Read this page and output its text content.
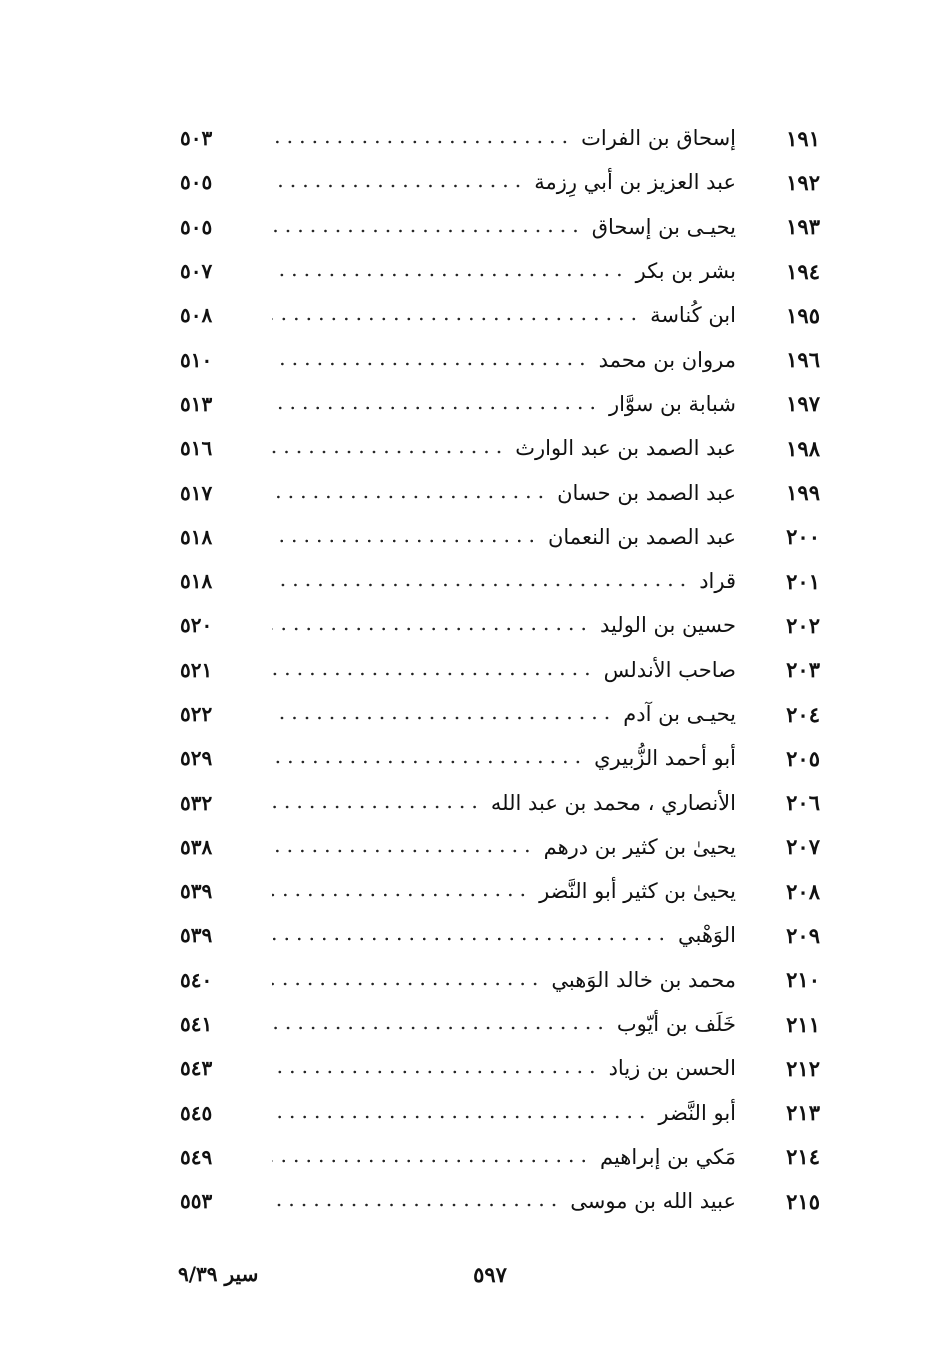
١٩١
إسحاق بن الفرات
٥٠٣
١٩٢
عبد العزيز بن أبي رِزمة
٥٠٥
١٩٣
يحيـى بن إسحاق
٥٠٥
١٩٤
بشر بن بكر
٥٠٧
١٩٥
ابن كُناسة
٥٠٨
١٩٦
مروان بن محمد
٥١٠
١٩٧
شبابة بن سوَّار
٥١٣
١٩٨
عبد الصمد بن عبد الوارث
٥١٦
١٩٩
عبد الصمد بن حسان
٥١٧
٢٠٠
عبد الصمد بن النعمان
٥١٨
٢٠١
قراد
٥١٨
٢٠٢
حسين بن الوليد
٥٢٠
٢٠٣
صاحب الأندلس
٥٢١
٢٠٤
يحيـى بن آدم
٥٢٢
٢٠٥
أبو أحمد الزُّبيري
٥٢٩
٢٠٦
الأنصاري ، محمد بن عبد الله
٥٣٢
٢٠٧
يحيىٰ بن كثير بن درهم
٥٣٨
٢٠٨
يحيىٰ بن كثير أبو النَّضر
٥٣٩
٢٠٩
الوَهْبي
٥٣٩
٢١٠
محمد بن خالد الوَهبي
٥٤٠
٢١١
خَلَف بن أيّوب
٥٤١
٢١٢
الحسن بن زياد
٥٤٣
٢١٣
أبو النَّضر
٥٤٥
٢١٤
مَكي بن إبراهيم
٥٤٩
٢١٥
عبيد الله بن موسى
٥٥٣
٥٩٧
سير ٩/٣٩
